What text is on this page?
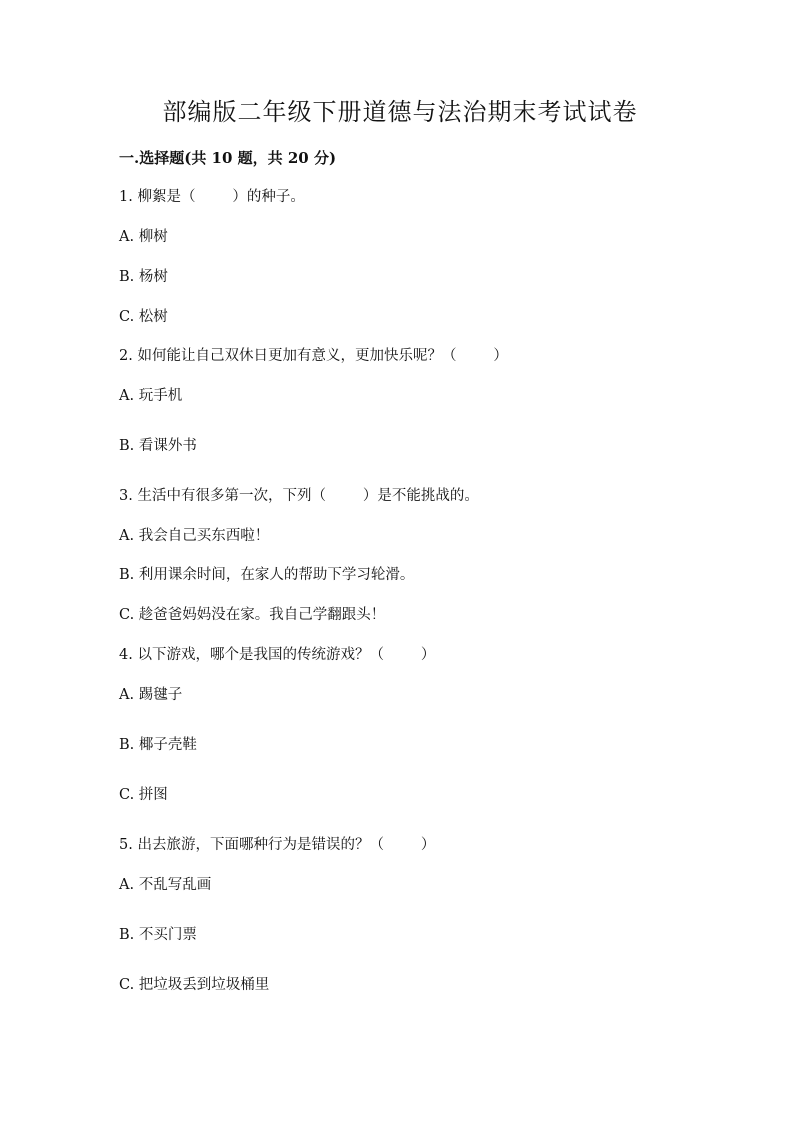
部编版二年级下册道德与法治期末考试试卷
一.选择题(共 10 题，共 20 分)
1. 柳絮是（        ）的种子。
A. 柳树
B. 杨树
C. 松树
2. 如何能让自己双休日更加有意义，更加快乐呢？（        ）
A. 玩手机
B. 看课外书
3. 生活中有很多第一次，下列（        ）是不能挑战的。
A. 我会自己买东西啦！
B. 利用课余时间，在家人的帮助下学习轮滑。
C. 趁爸爸妈妈没在家。我自己学翻跟头！
4. 以下游戏，哪个是我国的传统游戏？（        ）
A. 踢毽子
B. 椰子壳鞋
C. 拼图
5. 出去旅游，下面哪种行为是错误的？（        ）
A. 不乱写乱画
B. 不买门票
C. 把垃圾丢到垃圾桶里
